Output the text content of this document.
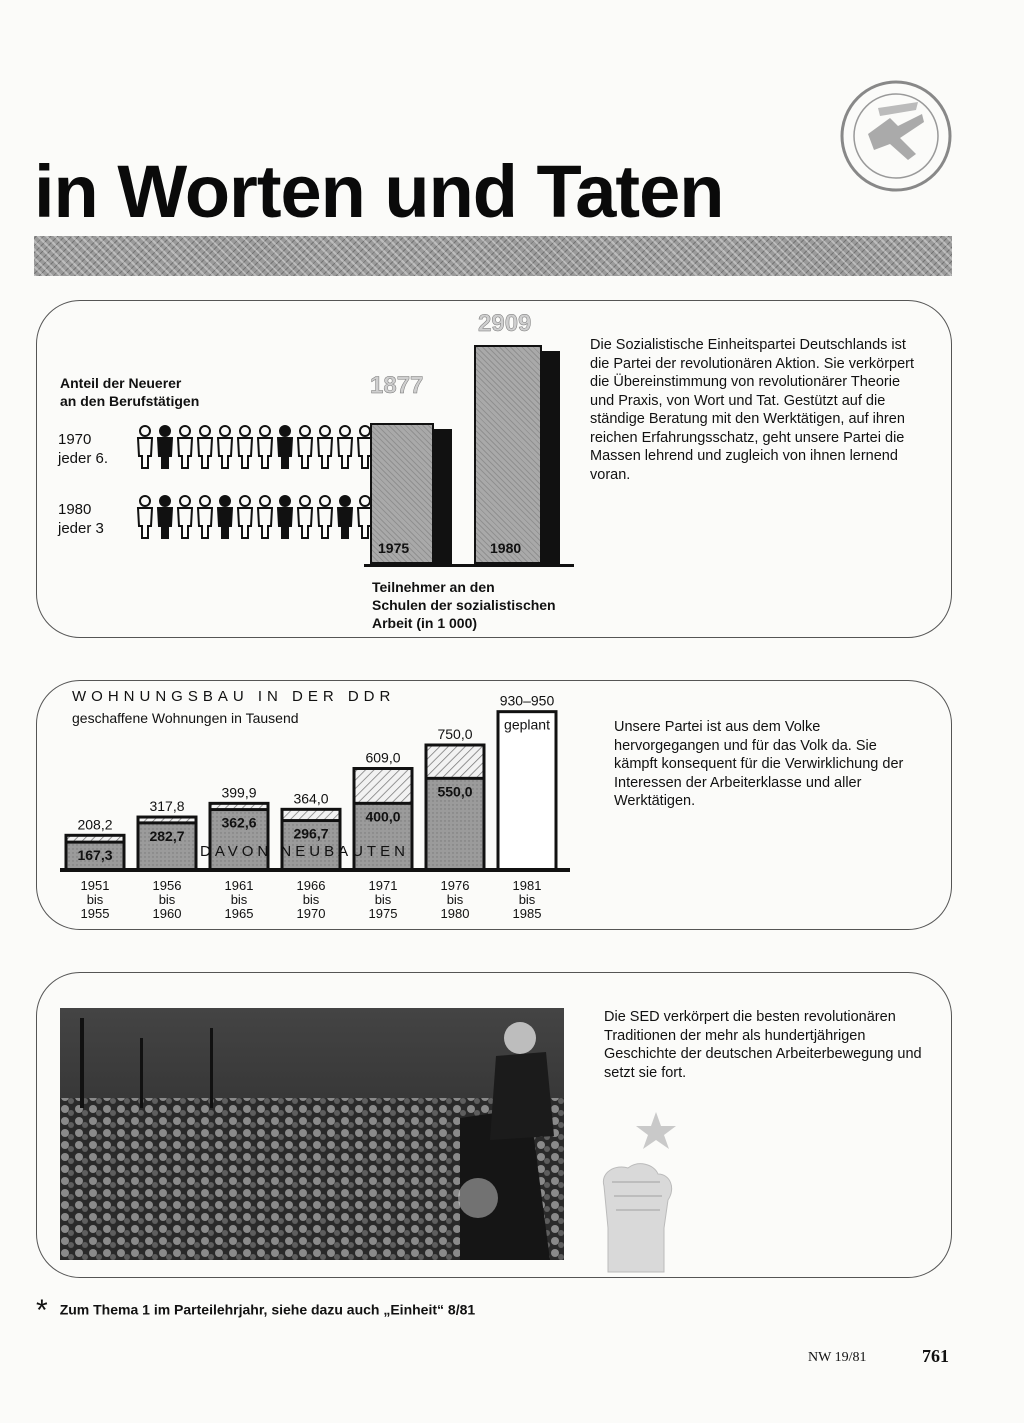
in Worten und Taten
Anteil der Neuerer
an den Berufstätigen
1970
jeder 6.
1980
jeder 3
1877
2909
1975	1980
Teilnehmer an den
Schulen der sozialistischen
Arbeit (in 1 000)
Die Sozialistische Einheitspartei Deutschlands ist die Partei der revolutionären Aktion. Sie verkörpert die Übereinstimmung von revolutionärer Theorie und Praxis, von Wort und Tat. Gestützt auf die ständige Beratung mit den Werktätigen, auf ihren reichen Erfahrungsschatz, geht unsere Partei die Massen lehrend und zugleich von ihnen lernend voran.
WOHNUNGSBAU IN DER DDR
geschaffene Wohnungen in Tausend
167,3
208,2
1951
bis
1955
282,7
317,8
1956
bis
1960
362,6
399,9
1961
bis
1965
296,7
364,0
1966
bis
1970
400,0
609,0
1971
bis
1975
550,0
750,0
1976
bis
1980
geplant
930–950
1981
bis
1985
DAVON NEUBAUTEN
Unsere Partei ist aus dem Volke hervorgegangen und für das Volk da. Sie kämpft konsequent für die Verwirklichung der Interessen der Arbeiterklasse und aller Werktätigen.
Die SED verkörpert die besten revolutionären Traditionen der mehr als hundertjährigen Geschichte der deutschen Arbeiterbewegung und setzt sie fort.
* Zum Thema 1 im Parteilehrjahr, siehe dazu auch „Einheit“ 8/81
NW 19/81	761
